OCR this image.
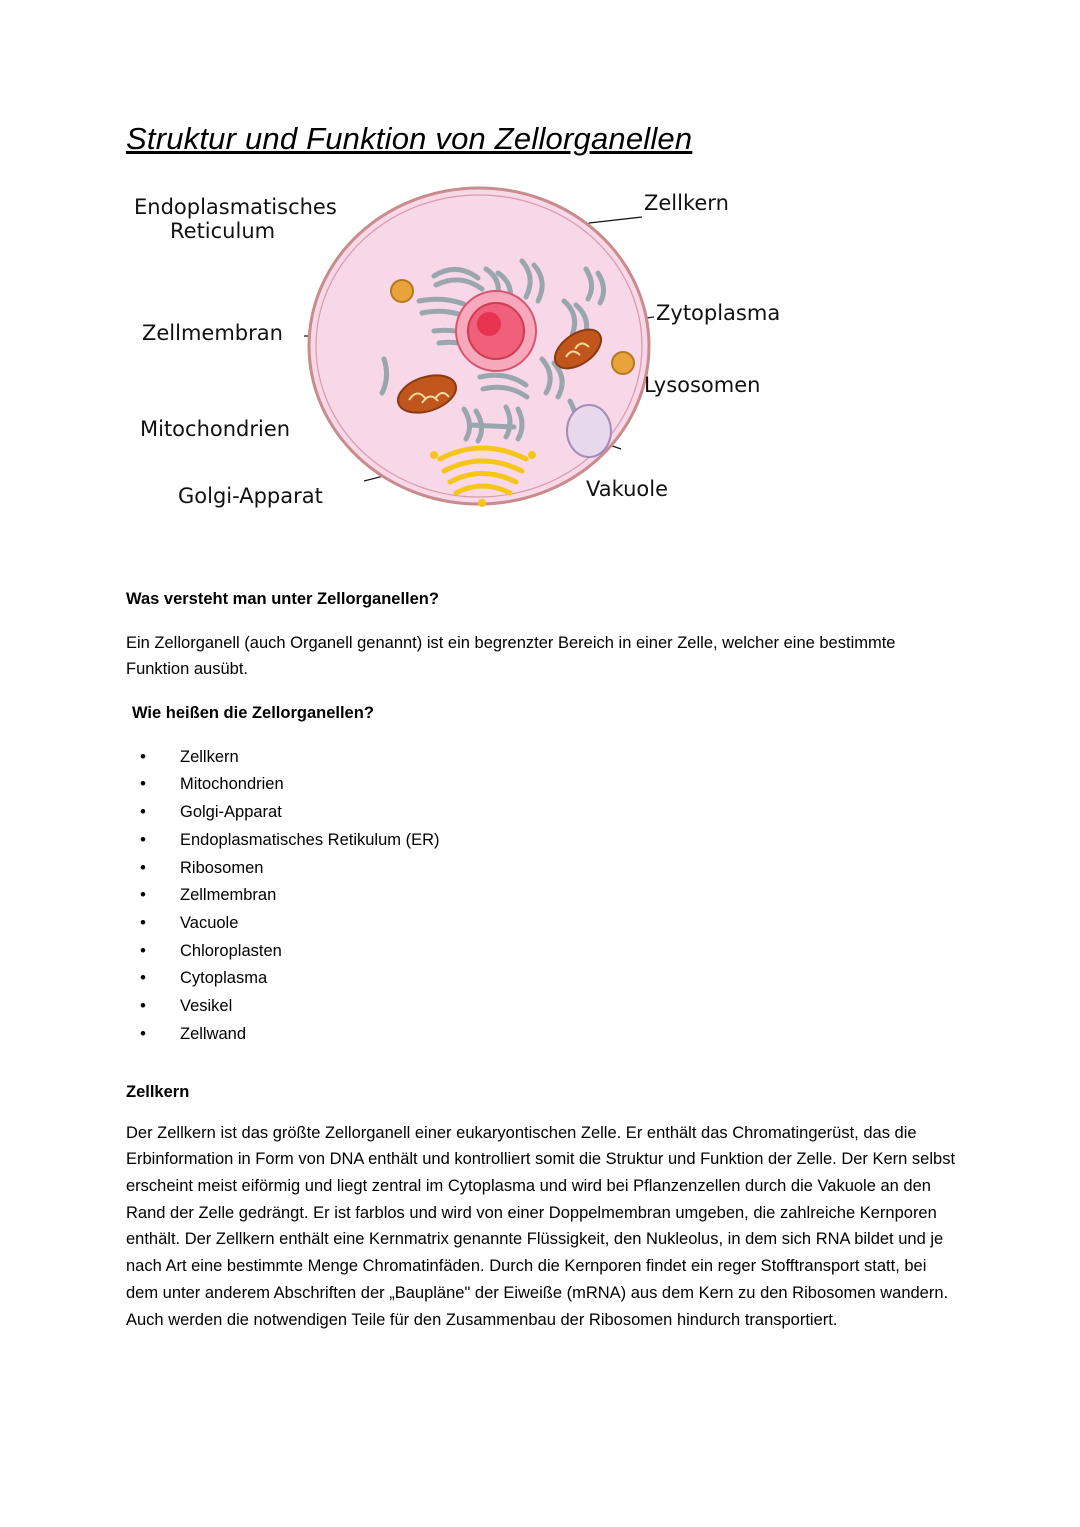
Struktur und Funktion von Zellorganellen
Endoplasmatisches
Reticulum
Zellmembran
Mitochondrien
Golgi-Apparat
Zellkern
Zytoplasma
Lysosomen
Vakuole

Was versteht man unter Zellorganellen?

Ein Zellorganell (auch Organell genannt) ist ein begrenzter Bereich in einer Zelle, welcher eine bestimmte Funktion ausübt.

Wie heißen die Zellorganellen?

• Zellkern
• Mitochondrien
• Golgi-Apparat
• Endoplasmatisches Retikulum (ER)
• Ribosomen
• Zellmembran
• Vacuole
• Chloroplasten
• Cytoplasma
• Vesikel
• Zellwand

Zellkern

Der Zellkern ist das größte Zellorganell einer eukaryontischen Zelle. Er enthält das Chromatingerüst, das die Erbinformation in Form von DNA enthält und kontrolliert somit die Struktur und Funktion der Zelle. Der Kern selbst erscheint meist eiförmig und liegt zentral im Cytoplasma und wird bei Pflanzenzellen durch die Vakuole an den Rand der Zelle gedrängt. Er ist farblos und wird von einer Doppelmembran umgeben, die zahlreiche Kernporen enthält. Der Zellkern enthält eine Kernmatrix genannte Flüssigkeit, den Nukleolus, in dem sich RNA bildet und je nach Art eine bestimmte Menge Chromatinfäden. Durch die Kernporen findet ein reger Stofftransport statt, bei dem unter anderem Abschriften der „Baupläne" der Eiweiße (mRNA) aus dem Kern zu den Ribosomen wandern. Auch werden die notwendigen Teile für den Zusammenbau der Ribosomen hindurch transportiert.
